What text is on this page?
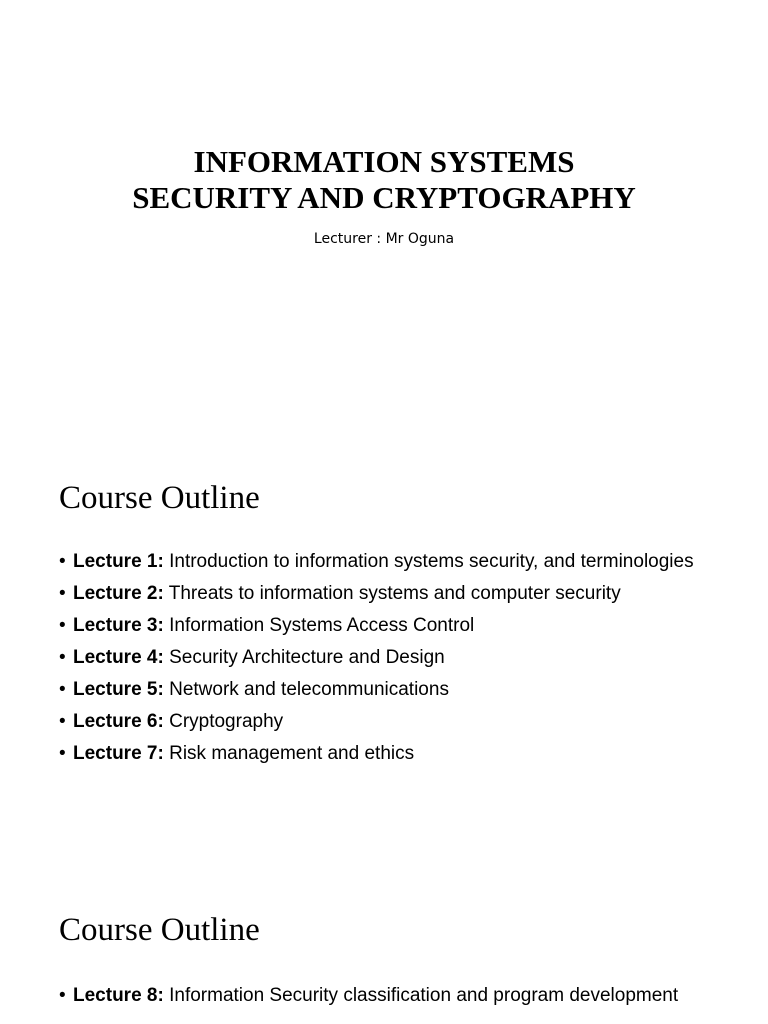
INFORMATION SYSTEMS
SECURITY AND CRYPTOGRAPHY

Lecturer : Mr Oguna

Course Outline
• Lecture 1: Introduction to information systems security, and terminologies
• Lecture 2: Threats to information systems and computer security
• Lecture 3: Information Systems Access Control
• Lecture 4: Security Architecture and Design
• Lecture 5: Network and telecommunications
• Lecture 6: Cryptography
• Lecture 7: Risk management and ethics
Course Outline
• Lecture 8: Information Security classification and program development
